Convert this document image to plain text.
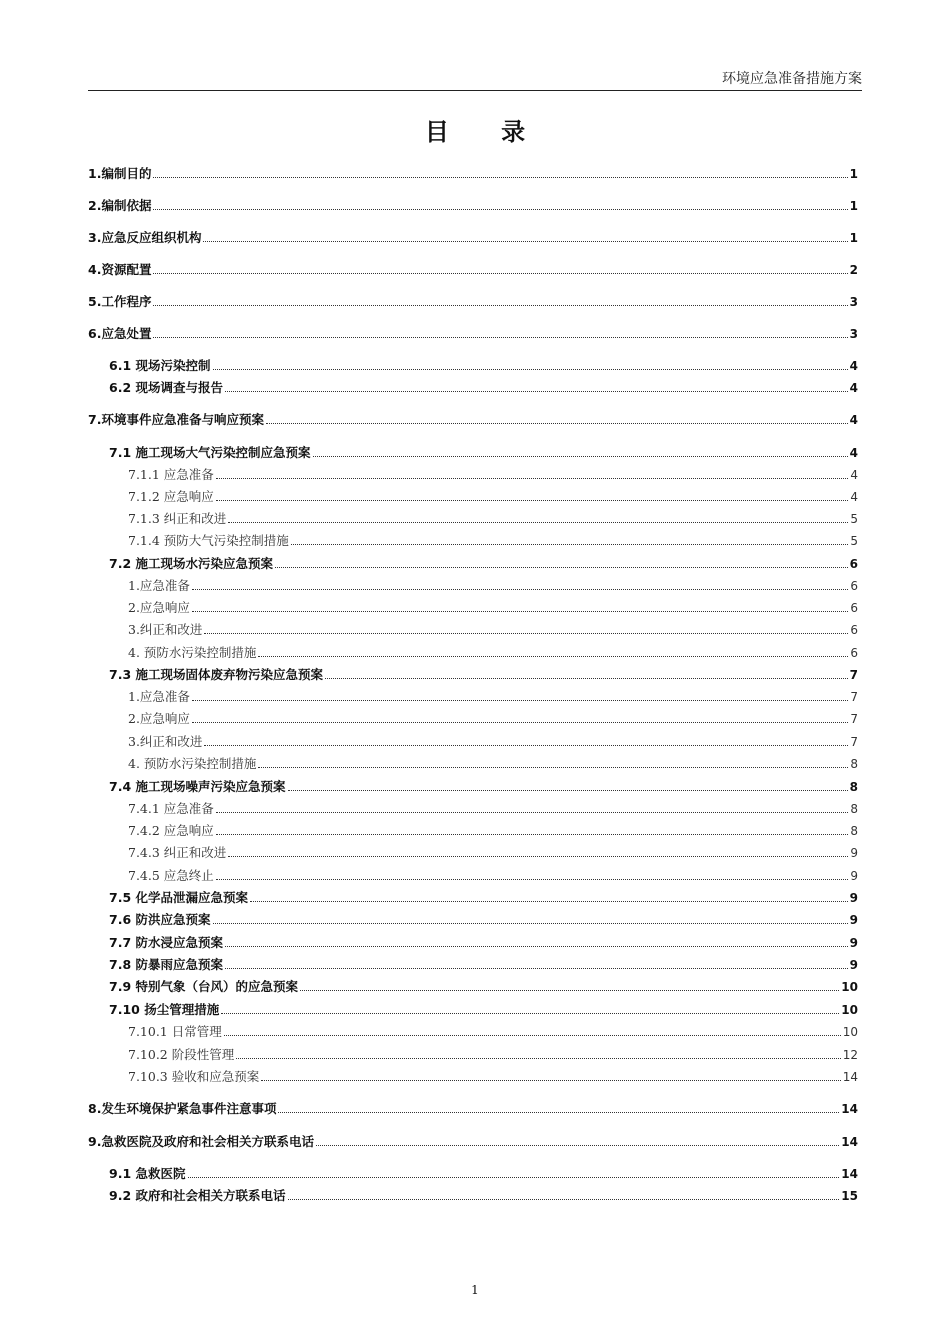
环境应急准备措施方案
目 录
1.编制目的	1
2.编制依据	1
3.应急反应组织机构	1
4.资源配置	2
5.工作程序	3
6.应急处置	3
6.1 现场污染控制	4
6.2 现场调查与报告	4
7.环境事件应急准备与响应预案	4
7.1 施工现场大气污染控制应急预案	4
7.1.1 应急准备	4
7.1.2 应急响应	4
7.1.3 纠正和改进	5
7.1.4 预防大气污染控制措施	5
7.2 施工现场水污染应急预案	6
1.应急准备	6
2.应急响应	6
3.纠正和改进	6
4. 预防水污染控制措施	6
7.3 施工现场固体废弃物污染应急预案	7
1.应急准备	7
2.应急响应	7
3.纠正和改进	7
4. 预防水污染控制措施	8
7.4 施工现场噪声污染应急预案	8
7.4.1 应急准备	8
7.4.2 应急响应	8
7.4.3 纠正和改进	9
7.4.5 应急终止	9
7.5 化学品泄漏应急预案	9
7.6 防洪应急预案	9
7.7 防水浸应急预案	9
7.8 防暴雨应急预案	9
7.9 特别气象（台风）的应急预案	10
7.10 扬尘管理措施	10
7.10.1 日常管理	10
7.10.2 阶段性管理	12
7.10.3 验收和应急预案	14
8.发生环境保护紧急事件注意事项	14
9.急救医院及政府和社会相关方联系电话	14
9.1 急救医院	14
9.2 政府和社会相关方联系电话	15
1
